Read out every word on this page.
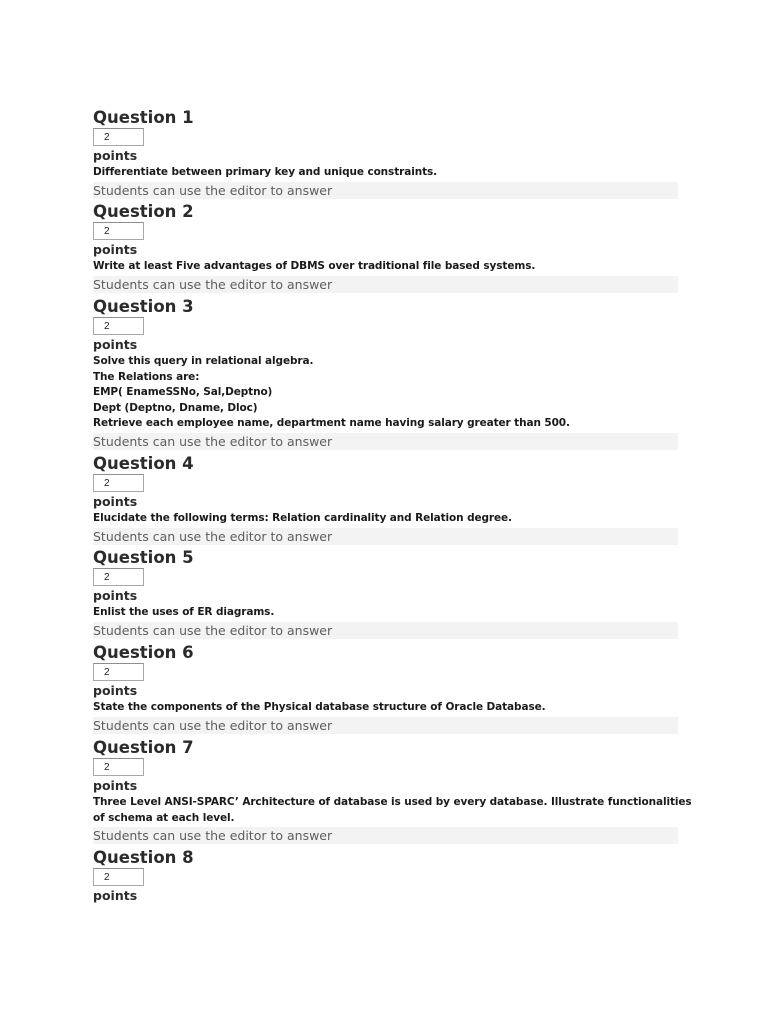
Question 1
2
points
Differentiate between primary key and unique constraints.
Students can use the editor to answer
Question 2
2
points
Write at least Five advantages of DBMS over traditional file based systems.
Students can use the editor to answer
Question 3
2
points
Solve this query in relational algebra.
The Relations are:
EMP( EnameSSNo, Sal,Deptno)
Dept (Deptno, Dname, Dloc)
Retrieve each employee name, department name having salary greater than 500.
Students can use the editor to answer
Question 4
2
points
Elucidate the following terms: Relation cardinality and Relation degree.
Students can use the editor to answer
Question 5
2
points
Enlist the uses of ER diagrams.
Students can use the editor to answer
Question 6
2
points
State the components of the Physical database structure of Oracle Database.
Students can use the editor to answer
Question 7
2
points
Three Level ANSI-SPARC’ Architecture of database is used by every database. Illustrate functionalities
of schema at each level.
Students can use the editor to answer
Question 8
2
points
